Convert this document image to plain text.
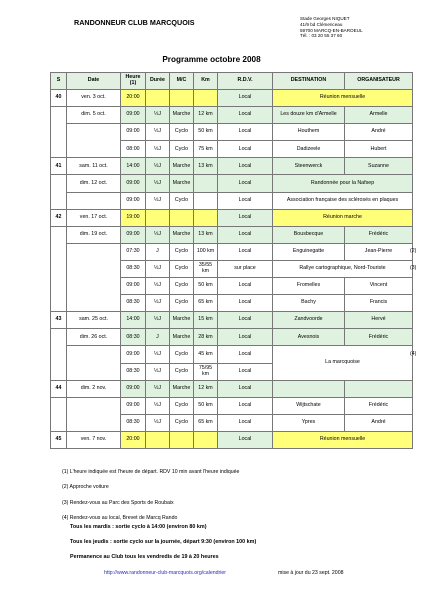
RANDONNEUR CLUB MARCQUOIS	Stade Georges NIQUET
41/9 bd Clémenceau
59700 MARCQ-EN-BAROEUL
Tél. : 03 20 55 37 60
Programme octobre 2008
S	Date	Heure (1)	Durée	M/C	Km	R.D.V.	DESTINATION	ORGANISATEUR
40	ven. 3 oct.	20:00				Local	Réunion mensuelle	
	dim. 5 oct.	09:00	½J	Marche	12 km	Local	Les douze km d'Armelle	Armelle
		09:00	½J	Cyclo	50 km	Local	Houthem	André
		08:00	½J	Cyclo	75 km	Local	Dadizeele	Hubert
41	sam. 11 oct.	14:00	½J	Marche	13 km	Local	Steenwerck	Suzanne
	dim. 12 oct.	09:00	½J	Marche		Local	Randonnée pour la Nafsep	
		09:00	½J	Cyclo		Local	Association française des sclérosés en plaques	
42	ven. 17 oct.	19:00				Local	Réunion marche	
	dim. 19 oct.	09:00	½J	Marche	13 km	Local	Bousbecque	Frédéric
		07:30	J	Cyclo	100 km	Local	Enguinegatte	Jean-Pierre
		08:30	½J	Cyclo	35/55 km	sur place	Rallye cartographique, Nord-Touriste	
		09:00	½J	Cyclo	50 km	Local	Fromelles	Vincent
		08:30	½J	Cyclo	65 km	Local	Bachy	Francis
43	sam. 25 oct.	14:00	½J	Marche	15 km	Local	Zandvoorde	Hervé
	dim. 26 oct.	08:30	J	Marche	28 km	Local	Avesnois	Frédéric
		09:00	½J	Cyclo	45 km	Local	La marcquoise	
		08:30	½J	Cyclo	75/95 km	Local		
44	dim. 2 nov.	09:00	½J	Marche	12 km	Local		
		09:00	½J	Cyclo	50 km	Local	Wijtschate	Frédéric
		08:30	½J	Cyclo	65 km	Local	Ypres	André
45	ven. 7 nov.	20:00				Local	Réunion mensuelle	
(2)
(3)
(4)
(1) L'heure indiquée est l'heure de départ. RDV 10 min avant l'heure indiquée
(2) Approche voiture
(3) Rendez-vous au Parc des Sports de Roubaix
(4) Rendez-vous au local, Brevet de Marcq Rando
Tous les mardis : sortie cyclo à 14:00 (environ 80 km)
Tous les jeudis : sortie cyclo sur la journée, départ 9:30 (environ 100 km)
Permanence au Club tous les vendredis de 19 à 20 heures
http://www.randonneur-club-marcquois.org/calendrier	mise à jour du 23 sept. 2008
